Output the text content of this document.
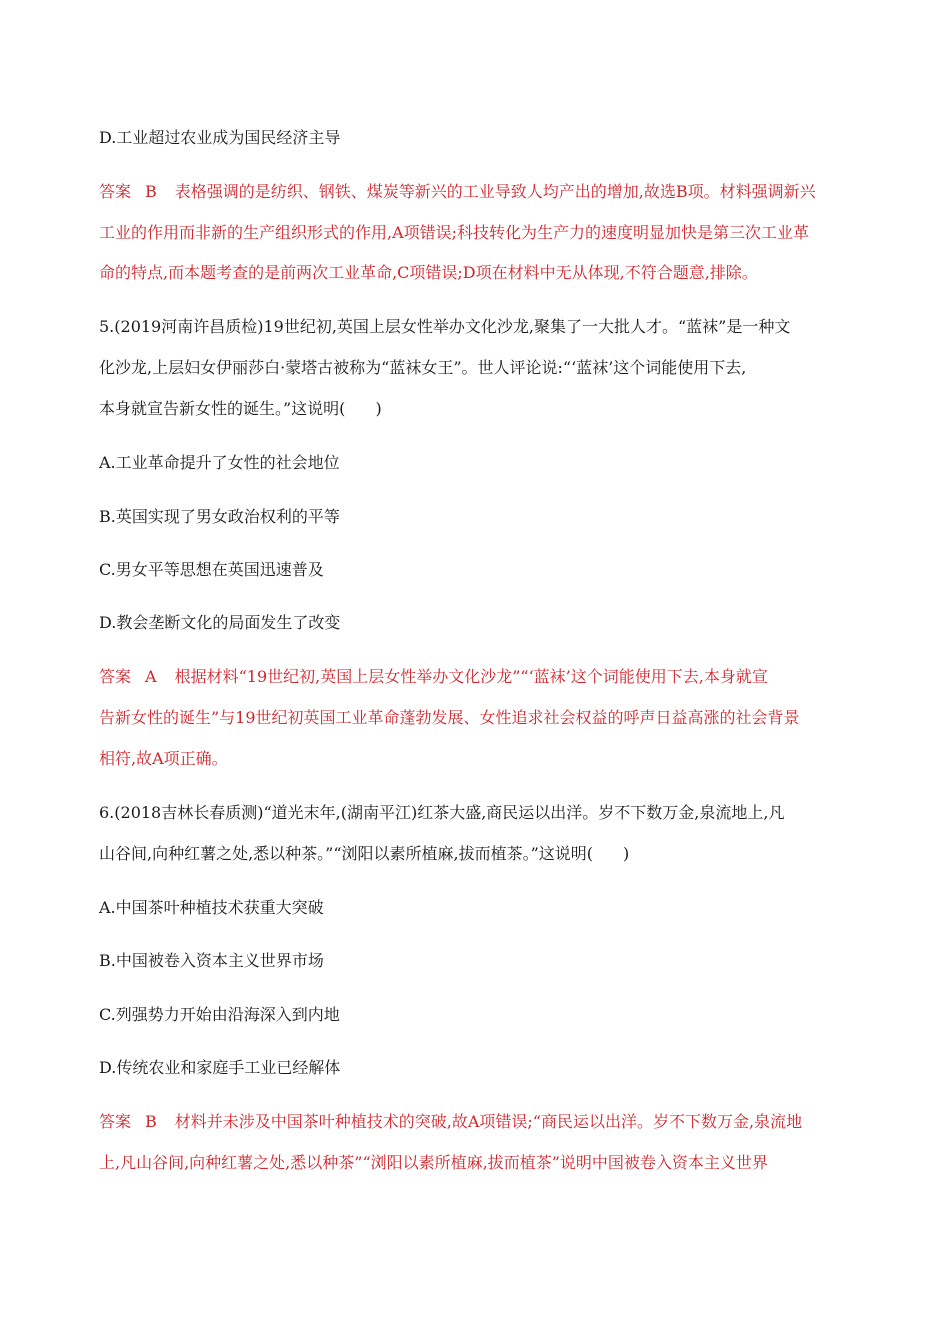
D.工业超过农业成为国民经济主导
答案 B 表格强调的是纺织、钢铁、煤炭等新兴的工业导致人均产出的增加,故选B项。材料强调新兴
工业的作用而非新的生产组织形式的作用,A项错误;科技转化为生产力的速度明显加快是第三次工业革
命的特点,而本题考查的是前两次工业革命,C项错误;D项在材料中无从体现,不符合题意,排除。
5.(2019河南许昌质检)19世纪初,英国上层女性举办文化沙龙,聚集了一大批人才。“蓝袜”是一种文
化沙龙,上层妇女伊丽莎白·蒙塔古被称为“蓝袜女王”。世人评论说:“‘蓝袜’这个词能使用下去,
本身就宣告新女性的诞生。”这说明( )
A.工业革命提升了女性的社会地位
B.英国实现了男女政治权利的平等
C.男女平等思想在英国迅速普及
D.教会垄断文化的局面发生了改变
答案 A 根据材料“19世纪初,英国上层女性举办文化沙龙”“‘蓝袜’这个词能使用下去,本身就宣
告新女性的诞生”与19世纪初英国工业革命蓬勃发展、女性追求社会权益的呼声日益高涨的社会背景
相符,故A项正确。
6.(2018吉林长春质测)“道光末年,(湖南平江)红茶大盛,商民运以出洋。岁不下数万金,泉流地上,凡
山谷间,向种红薯之处,悉以种茶。”“浏阳以素所植麻,拔而植茶。”这说明( )
A.中国茶叶种植技术获重大突破
B.中国被卷入资本主义世界市场
C.列强势力开始由沿海深入到内地
D.传统农业和家庭手工业已经解体
答案 B 材料并未涉及中国茶叶种植技术的突破,故A项错误;“商民运以出洋。岁不下数万金,泉流地
上,凡山谷间,向种红薯之处,悉以种茶”“浏阳以素所植麻,拔而植茶”说明中国被卷入资本主义世界
